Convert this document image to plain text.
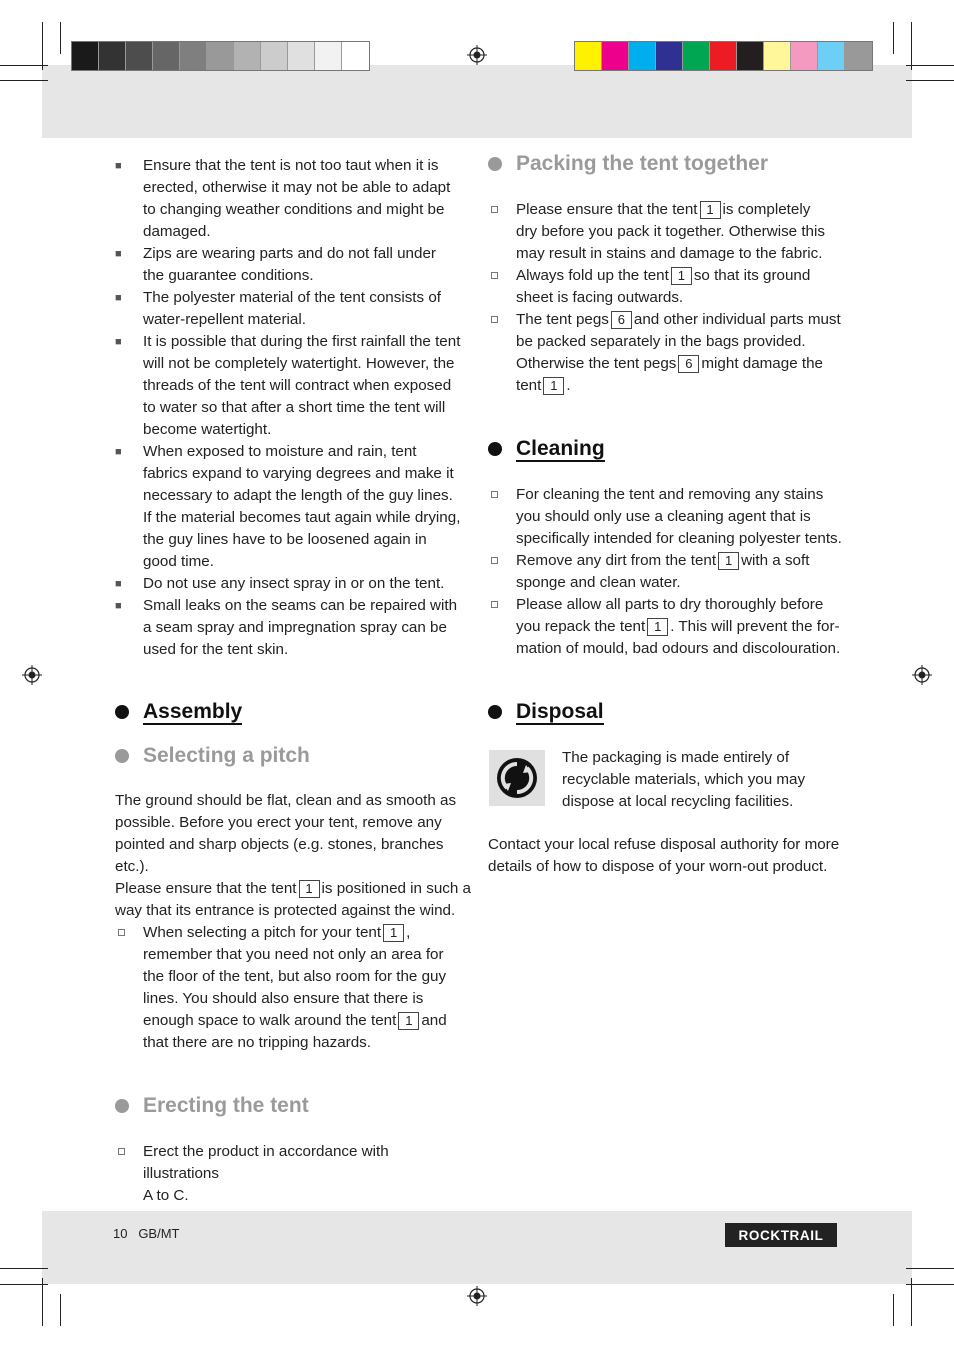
■ Ensure that the tent is not too taut when it is
erected, otherwise it may not be able to adapt
to changing weather conditions and might be
damaged.
■ Zips are wearing parts and do not fall under
the guarantee conditions.
■ The polyester material of the tent consists of
water-repellent material.
■ It is possible that during the first rainfall the tent
will not be completely watertight. However, the
threads of the tent will contract when exposed
to water so that after a short time the tent will
become watertight.
■ When exposed to moisture and rain, tent
fabrics expand to varying degrees and make it
necessary to adapt the length of the guy lines.
If the material becomes taut again while drying,
the guy lines have to be loosened again in
good time.
■ Do not use any insect spray in or on the tent.
■ Small leaks on the seams can be repaired with
a seam spray and impregnation spray can be
used for the tent skin.
Assembly
Selecting a pitch

The ground should be flat, clean and as smooth as
possible. Before you erect your tent, remove any
pointed and sharp objects (e.g. stones, branches etc.).
Please ensure that the tent 1 is positioned in such a
way that its entrance is protected against the wind.

When selecting a pitch for your tent 1 ,
remember that you need not only an area for
the floor of the tent, but also room for the guy
lines. You should also ensure that there is
enough space to walk around the tent 1 and
that there are no tripping hazards.
Erecting the tent
Erect the product in accordance with illustrations
A to C.
Packing the tent together
Please ensure that the tent 1 is completely
dry before you pack it together. Otherwise this
may result in stains and damage to the fabric.
Always fold up the tent 1 so that its ground
sheet is facing outwards.
The tent pegs 6 and other individual parts must
be packed separately in the bags provided.
Otherwise the tent pegs 6 might damage the
tent 1 .
Cleaning
For cleaning the tent and removing any stains
you should only use a cleaning agent that is
specifically intended for cleaning polyester tents.
Remove any dirt from the tent 1 with a soft
sponge and clean water.
Please allow all parts to dry thoroughly before
you repack the tent 1 . This will prevent the for-
mation of mould, bad odours and discolouration.
Disposal
The packaging is made entirely of
recyclable materials, which you may
dispose at local recycling facilities.
Contact your local refuse disposal authority for more
details of how to dispose of your worn-out product.
10 GB/MT	ROCKTRAIL
